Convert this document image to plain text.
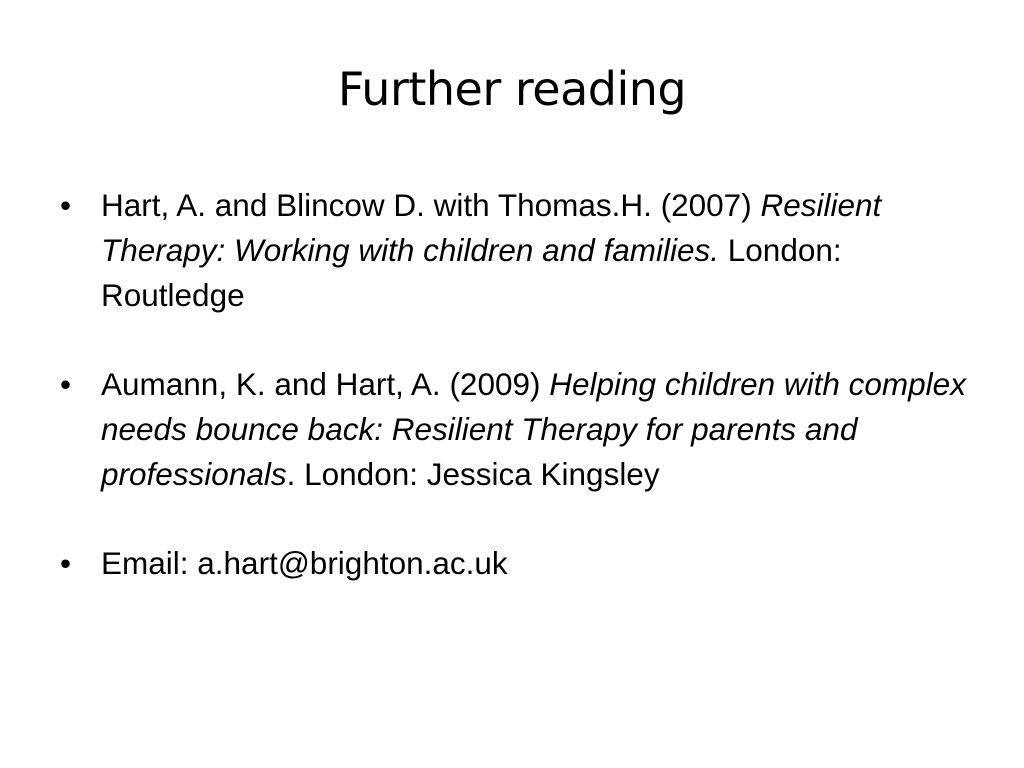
Further reading
• Hart, A. and Blincow D. with Thomas.H. (2007) Resilient Therapy: Working with children and families. London: Routledge
• Aumann, K. and Hart, A. (2009) Helping children with complex needs bounce back: Resilient Therapy for parents and professionals. London: Jessica Kingsley
• Email: a.hart@brighton.ac.uk
